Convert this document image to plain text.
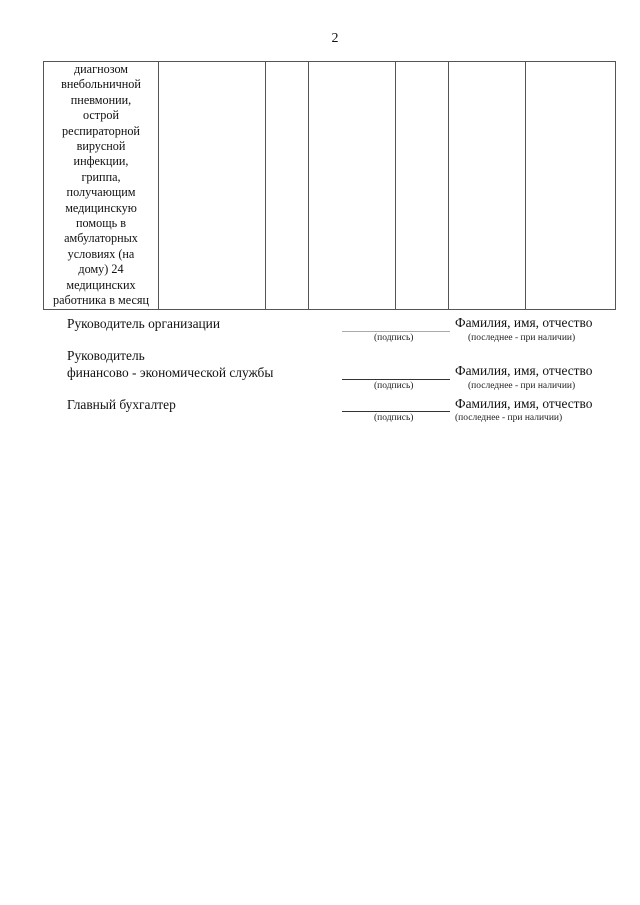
2
диагнозом
внебольничной
пневмонии,
острой
респираторной
вирусной
инфекции,
гриппа,
получающим
медицинскую
помощь в
амбулаторных
условиях (на
дому) 24
медицинских
работника в месяц

Руководитель организации
(подпись)
Фамилия, имя, отчество
(последнее - при наличии)
Руководитель
финансово - экономической службы
(подпись)
Фамилия, имя, отчество
(последнее - при наличии)
Главный бухгалтер
(подпись)
Фамилия, имя, отчество
(последнее - при наличии)
